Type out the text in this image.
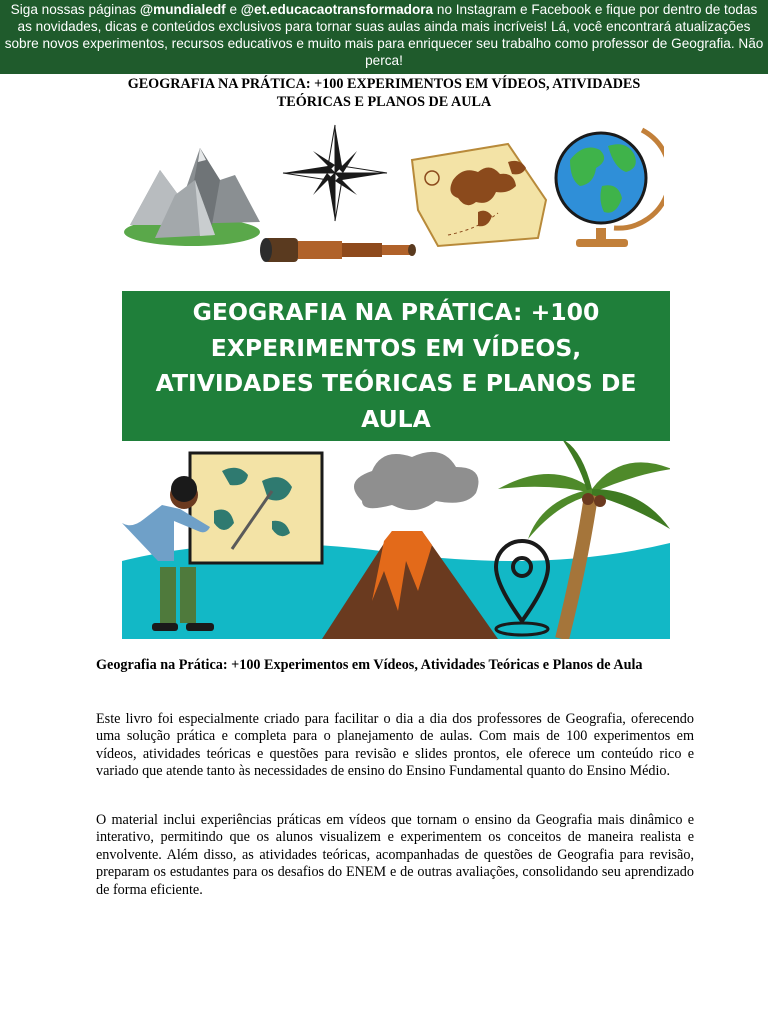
Siga nossas páginas @mundialedf e @et.educacaotransformadora no Instagram e Facebook e fique por dentro de todas as novidades, dicas e conteúdos exclusivos para tornar suas aulas ainda mais incríveis! Lá, você encontrará atualizações sobre novos experimentos, recursos educativos e muito mais para enriquecer seu trabalho como professor de Geografia. Não perca!
GEOGRAFIA NA PRÁTICA: +100 EXPERIMENTOS EM VÍDEOS, ATIVIDADES
TEÓRICAS E PLANOS DE AULA
GEOGRAFIA NA PRÁTICA: +100
EXPERIMENTOS EM VÍDEOS,
ATIVIDADES TEÓRICAS E PLANOS DE
AULA
Geografia na Prática: +100 Experimentos em Vídeos, Atividades Teóricas e Planos de Aula
Este livro foi especialmente criado para facilitar o dia a dia dos professores de Geografia, oferecendo uma solução prática e completa para o planejamento de aulas. Com mais de 100 experimentos em vídeos, atividades teóricas e questões para revisão e slides prontos, ele oferece um conteúdo rico e variado que atende tanto às necessidades de ensino do Ensino Fundamental quanto do Ensino Médio.
O material inclui experiências práticas em vídeos que tornam o ensino da Geografia mais dinâmico e interativo, permitindo que os alunos visualizem e experimentem os conceitos de maneira realista e envolvente. Além disso, as atividades teóricas, acompanhadas de questões de Geografia para revisão, preparam os estudantes para os desafios do ENEM e de outras avaliações, consolidando seu aprendizado de forma eficiente.
